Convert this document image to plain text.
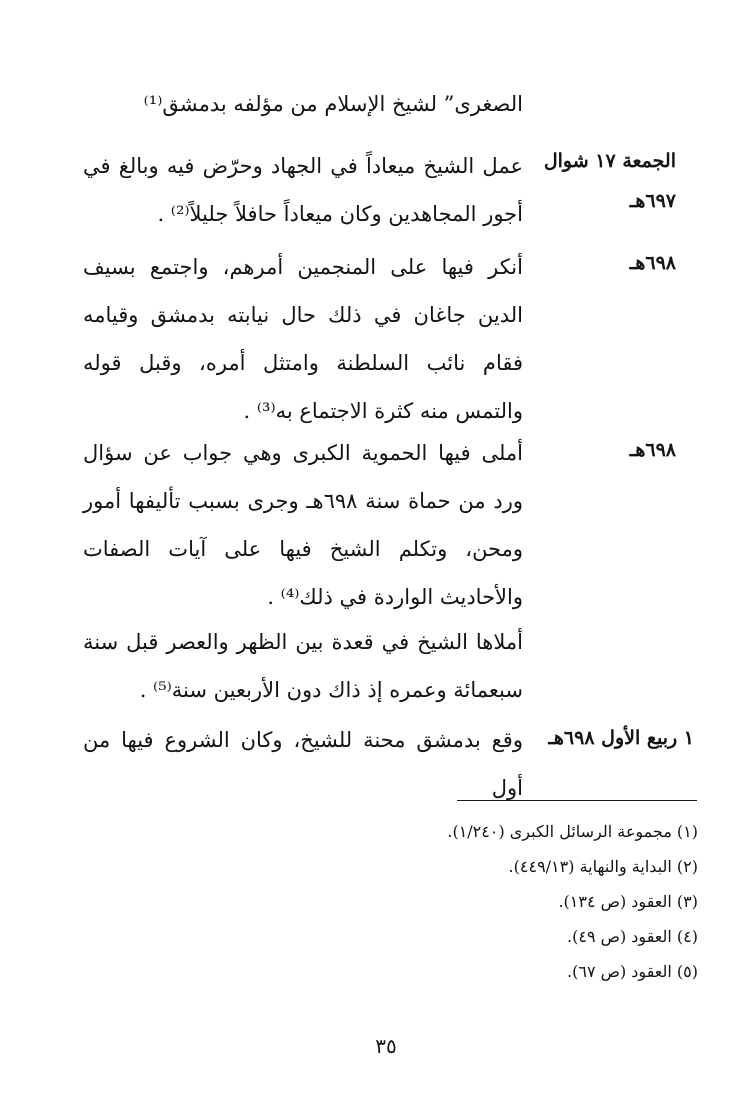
الصغرى” لشيخ الإسلام من مؤلفه بدمشق⁽¹⁾
الجمعة ١٧ شوال ٦٩٧هـ
عمل الشيخ ميعاداً في الجهاد وحرّض فيه وبالغ في أجور المجاهدين وكان ميعاداً حافلاً جليلاً⁽²⁾ .
٦٩٨هـ
أنكر فيها على المنجمين أمرهم، واجتمع بسيف الدين جاغان في ذلك حال نيابته بدمشق وقيامه فقام نائب السلطنة وامتثل أمره، وقبل قوله والتمس منه كثرة الاجتماع به⁽³⁾ .
٦٩٨هـ
أملى فيها الحموية الكبرى وهي جواب عن سؤال ورد من حماة سنة ٦٩٨هـ وجرى بسبب تأليفها أمور ومحن، وتكلم الشيخ فيها على آيات الصفات والأحاديث الواردة في ذلك⁽⁴⁾ .
أملاها الشيخ في قعدة بين الظهر والعصر قبل سنة سبعمائة وعمره إذ ذاك دون الأربعين سنة⁽⁵⁾ .
١ ربيع الأول ٦٩٨هـ
وقع بدمشق محنة للشيخ، وكان الشروع فيها من أول
(١) مجموعة الرسائل الكبرى (١/٢٤٠).
(٢) البداية والنهاية (٤٤٩/١٣).
(٣) العقود (ص ١٣٤).
(٤) العقود (ص ٤٩).
(٥) العقود (ص ٦٧).
٣٥
